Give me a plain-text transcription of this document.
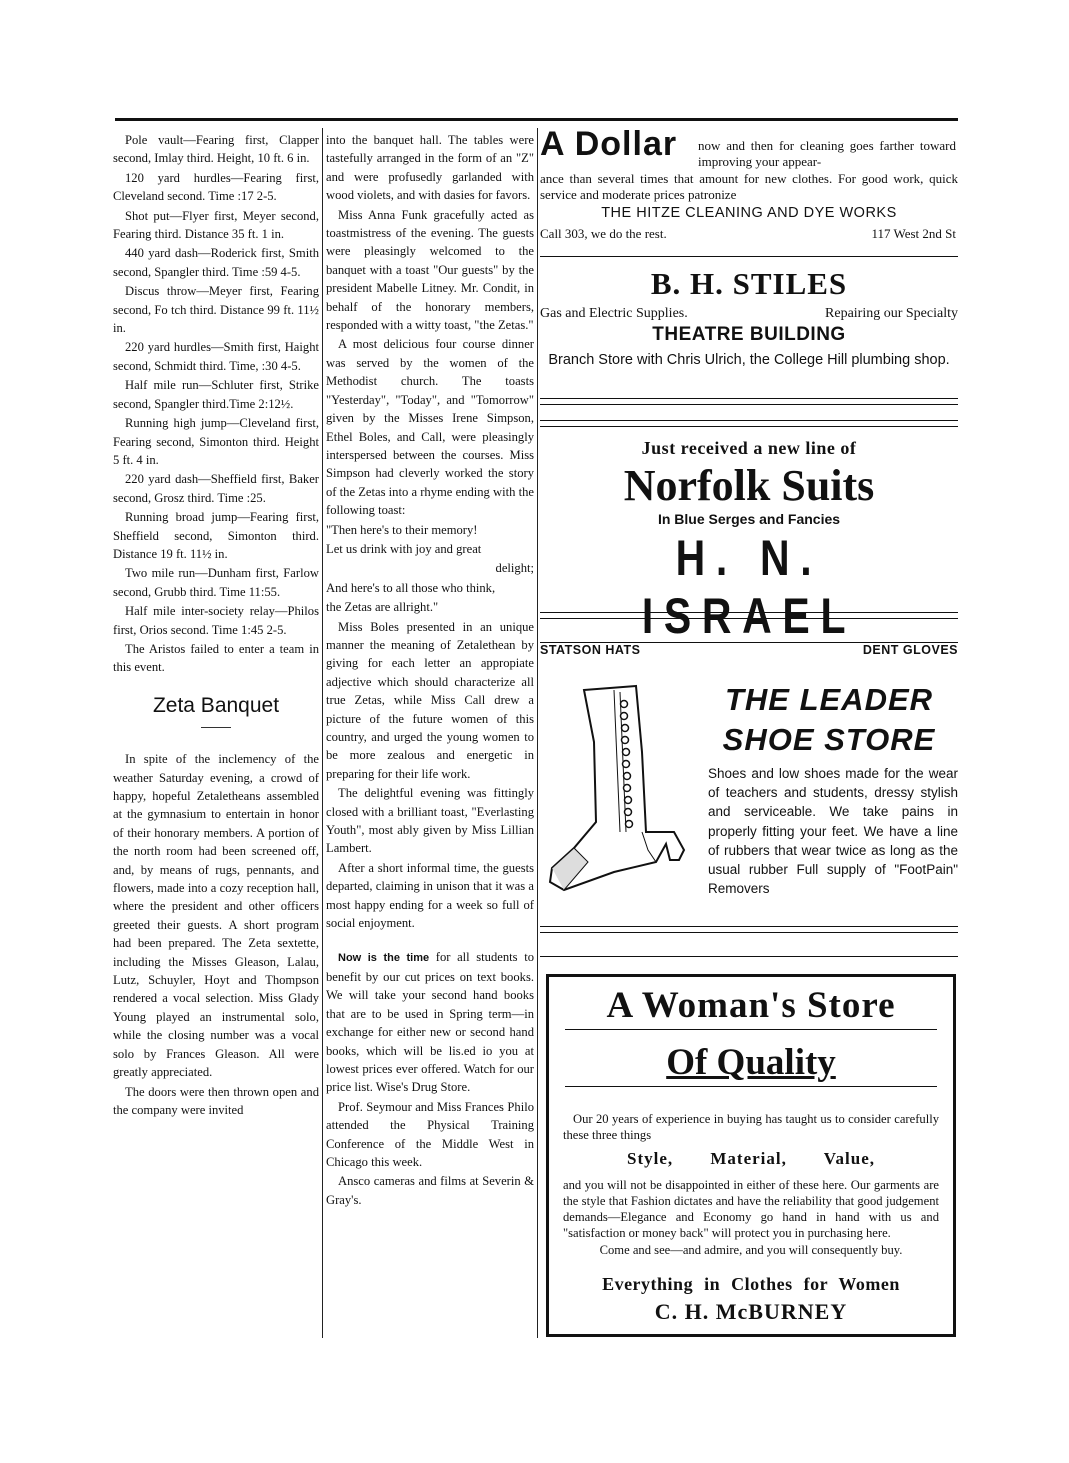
Pole vault—Fearing first, Clapper second, Imlay third. Height, 10 ft. 6 in.

120 yard hurdles—Fearing first, Cleveland second. Time :17 2-5.

Shot put—Flyer first, Meyer second, Fearing third. Distance 35 ft. 1 in.

440 yard dash—Roderick first, Smith second, Spangler third. Time :59 4-5.

Discus throw—Meyer first, Fearing second, Fo tch third. Distance 99 ft. 11½ in.

220 yard hurdles—Smith first, Haight second, Schmidt third. Time, :30 4-5.

Half mile run—Schluter first, Strike second, Spangler third.Time 2:12½.

Running high jump—Cleveland first, Fearing second, Simonton third. Height 5 ft. 4 in.

220 yard dash—Sheffield first, Baker second, Grosz third. Time :25.

Running broad jump—Fearing first, Sheffield second, Simonton third. Distance 19 ft. 11½ in.

Two mile run—Dunham first, Farlow second, Grubb third. Time 11:55.

Half mile inter-society relay—Philos first, Orios second. Time 1:45 2-5.

The Aristos failed to enter a team in this event.

Zeta Banquet

In spite of the inclemency of the weather Saturday evening, a crowd of happy, hopeful Zetaletheans assembled at the gymnasium to entertain in honor of their honorary members. A portion of the north room had been screened off, and, by means of rugs, pennants, and flowers, made into a cozy reception hall, where the president and other officers greeted their guests. A short program had been prepared. The Zeta sextette, including the Misses Gleason, Lalau, Lutz, Schuyler, Hoyt and Thompson rendered a vocal selection. Miss Glady Young played an instrumental solo, while the closing number was a vocal solo by Frances Gleason. All were greatly appreciated.

The doors were then thrown open and the company were invited

into the banquet hall. The tables were tastefully arranged in the form of an "Z" and were profusedly garlanded with wood violets, and with dasies for favors.

Miss Anna Funk gracefully acted as toastmistress of the evening. The guests were pleasingly welcomed to the banquet with a toast "Our guests" by the president Mabelle Litney. Mr. Condit, in behalf of the honorary members, responded with a witty toast, "the Zetas."

A most delicious four course dinner was served by the women of the Methodist church. The toasts "Yesterday", "Today", and "Tomorrow" given by the Misses Irene Simpson, Ethel Boles, and Call, were pleasingly interspersed between the courses. Miss Simpson had cleverly worked the story of the Zetas into a rhyme ending with the following toast:

"Then here's to their memory!

Let us drink with joy and great

delight;

And here's to all those who think,

the Zetas are allright."

Miss Boles presented in an unique manner the meaning of Zetalethean by giving for each letter an appropiate adjective which should characterize all true Zetas, while Miss Call drew a picture of the future women of this country, and urged the young women to be more zealous and energetic in preparing for their life work.

The delightful evening was fittingly closed with a brilliant toast, "Everlasting Youth", most ably given by Miss Lillian Lambert.

After a short informal time, the guests departed, claiming in unison that it was a most happy ending for a week so full of social enjoyment.

Now is the time for all students to benefit by our cut prices on text books. We will take your second hand books that are to be used in Spring term—in exchange for either new or second hand books, which will be lis.ed io you at lowest prices ever offered. Watch for our price list. Wise's Drug Store.

Prof. Seymour and Miss Frances Philo attended the Physical Training Conference of the Middle West in Chicago this week.

Ansco cameras and films at Severin & Gray's.

A Dollar now and then for cleaning goes farther toward improving your appear-
ance than several times that amount for new clothes. For good work, quick service and moderate prices patronize
THE HITZE CLEANING AND DYE WORKS
Call 303, we do the rest.	117 West 2nd St
B. H. STILES
Gas and Electric Supplies.	Repairing our Specialty
THEATRE BUILDING
Branch Store with Chris Ulrich, the College Hill plumbing shop.
Just received a new line of
Norfolk Suits
In Blue Serges and Fancies
H. N. ISRAEL
STATSON HATS	DENT GLOVES
THE LEADER
SHOE STORE
Shoes and low shoes made for the wear of teachers and students, dressy stylish and serviceable. We take pains in properly fitting your feet. We have a line of rubbers that wear twice as long as the usual rubber Full supply of "FootPain" Removers
A Woman's Store
Of Quality
Our 20 years of experience in buying has taught us to consider carefully these three things
Style, Material, Value,
and you will not be disappointed in either of these here. Our garments are the style that Fashion dictates and have the reliability that good judgement demands—Elegance and Economy go hand in hand with us and "satisfaction or money back" will protect you in purchasing here.
Come and see—and admire, and you will consequently buy.
Everything in Clothes for Women
C. H. McBURNEY
